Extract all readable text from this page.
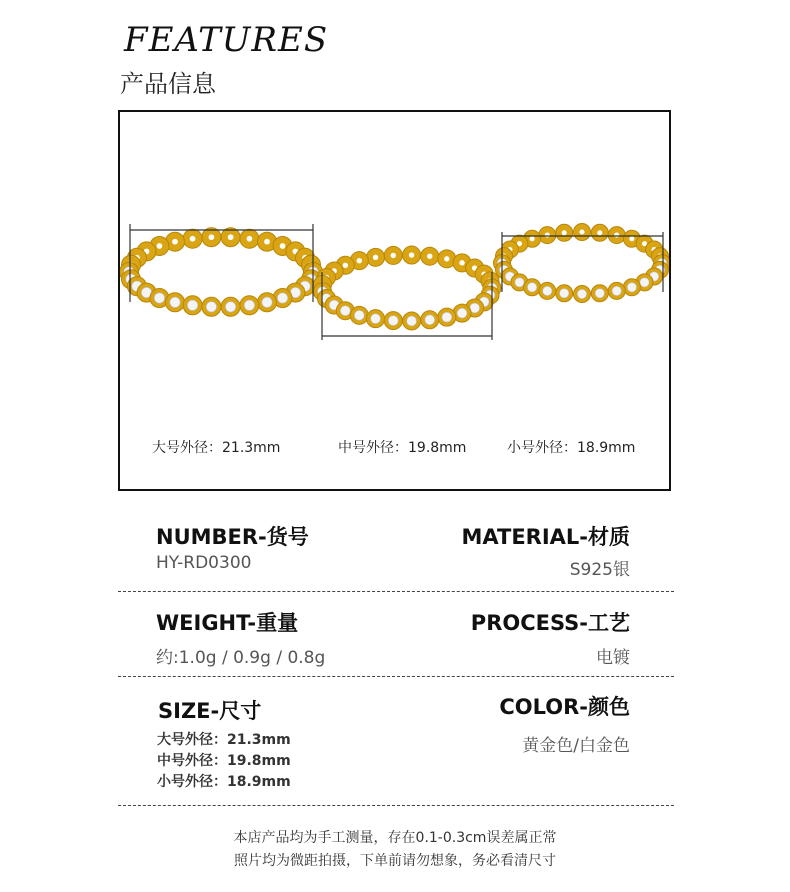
FEATURES
产品信息
大号外径：21.3mm	中号外径：19.8mm	小号外径：18.9mm
NUMBER-货号
HY-RD0300
MATERIAL-材质
S925银
WEIGHT-重量
约:1.0g / 0.9g / 0.8g
PROCESS-工艺
电镀
SIZE-尺寸
大号外径：21.3mm
中号外径：19.8mm
小号外径：18.9mm
COLOR-颜色
黄金色/白金色
本店产品均为手工测量，存在0.1-0.3cm误差属正常
照片均为微距拍摄，下单前请勿想象，务必看清尺寸
